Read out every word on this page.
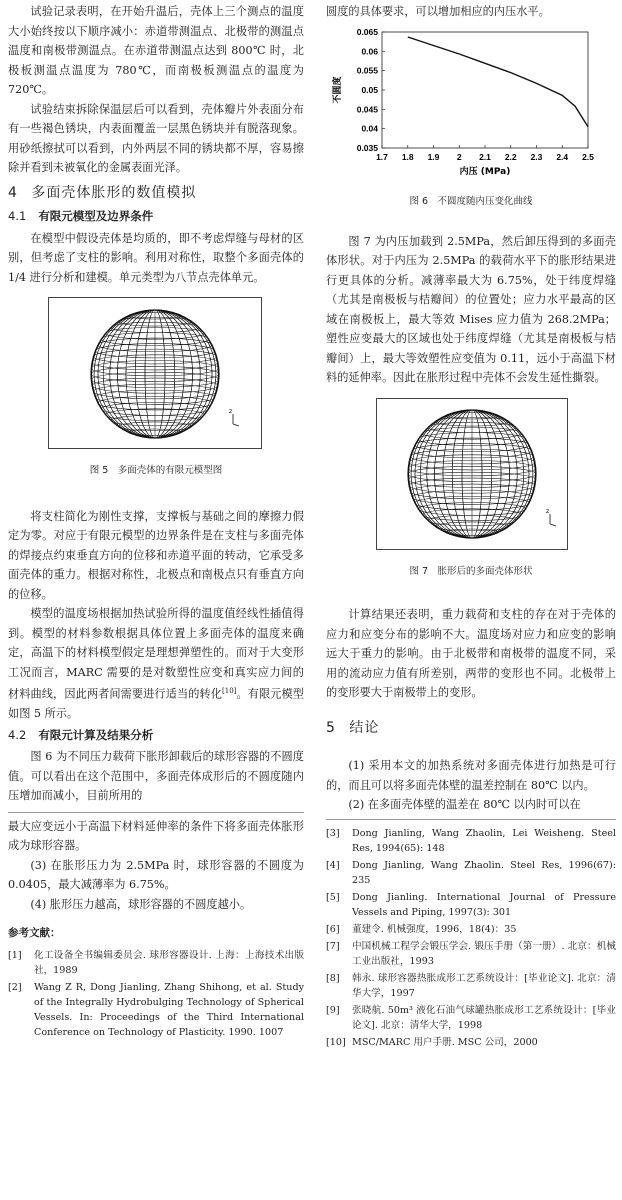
试验记录表明，在开始升温后，壳体上三个测点的温度大小始终按以下顺序减小：赤道带测温点、北极带的测温点温度和南极带测温点。在赤道带测温点达到 800℃ 时，北极板测温点温度为 780℃，而南极板测温点的温度为 720℃。

试验结束拆除保温层后可以看到，壳体瓣片外表面分布有一些褐色锈块，内表面覆盖一层黑色锈块并有脱落现象。用砂纸擦拭可以看到，内外两层不同的锈块都不厚，容易擦除并看到未被氧化的金属表面光泽。

4 多面壳体胀形的数值模拟
4.1 有限元模型及边界条件

在模型中假设壳体是均质的，即不考虑焊缝与母材的区别，但考虑了支柱的影响。利用对称性，取整个多面壳体的 1/4 进行分析和建模。单元类型为八节点壳体单元。

z
图 5　多面壳体的有限元模型图

将支柱简化为刚性支撑，支撑板与基础之间的摩擦力假定为零。对应于有限元模型的边界条件是在支柱与多面壳体的焊接点约束垂直方向的位移和赤道平面的转动，它承受多面壳体的重力。根据对称性，北极点和南极点只有垂直方向的位移。

模型的温度场根据加热试验所得的温度值经线性插值得到。模型的材料参数根据具体位置上多面壳体的温度来确定，高温下的材料模型假定是理想弹塑性的。而对于大变形工况而言，MARC 需要的是对数塑性应变和真实应力间的材料曲线，因此两者间需要进行适当的转化[10]。有限元模型如图 5 所示。

4.2 有限元计算及结果分析

图 6 为不同压力载荷下胀形卸载后的球形容器的不圆度值。可以看出在这个范围中，多面壳体成形后的不圆度随内压增加而减小，目前所用的

最大应变远小于高温下材料延伸率的条件下将多面壳体胀形成为球形容器。

(3) 在胀形压力为 2.5MPa 时，球形容器的不圆度为 0.0405，最大减薄率为 6.75%。

(4) 胀形压力越高，球形容器的不圆度越小。

参考文献：
[1]	化工设备全书编辑委员会. 球形容器设计. 上海：上海技术出版社，1989
[2]	Wang Z R, Dong Jianling, Zhang Shihong, et al. Study of the Integrally Hydrobulging Technology of Spherical Vessels. In: Proceedings of the Third International Conference on Technology of Plasticity. 1990. 1007

圆度的具体要求，可以增加相应的内压水平。

0.035
0.04
0.045
0.05
0.055
0.06
0.065
1.7 1.8 1.9 2 2.1 2.2 2.3 2.4 2.5
内压 (MPa)
不圆度
图 6　不圆度随内压变化曲线

图 7 为内压加载到 2.5MPa，然后卸压得到的多面壳体形状。对于内压为 2.5MPa 的载荷水平下的胀形结果进行更具体的分析。减薄率最大为 6.75%，处于纬度焊缝（尤其是南极板与桔瓣间）的位置处；应力水平最高的区域在南极板上，最大等效 Mises 应力值为 268.2MPa；塑性应变最大的区域也处于纬度焊缝（尤其是南极板与桔瓣间）上，最大等效塑性应变值为 0.11，远小于高温下材料的延伸率。因此在胀形过程中壳体不会发生延性撕裂。

z
图 7　胀形后的多面壳体形状

计算结果还表明，重力载荷和支柱的存在对于壳体的应力和应变分布的影响不大。温度场对应力和应变的影响远大于重力的影响。由于北极带和南极带的温度不同，采用的流动应力值有所差别，两带的变形也不同。北极带上的变形要大于南极带上的变形。

5 结论

(1) 采用本文的加热系统对多面壳体进行加热是可行的，而且可以将多面壳体壁的温差控制在 80℃ 以内。

(2) 在多面壳体壁的温差在 80℃ 以内时可以在

[3]	Dong Jianling, Wang Zhaolin, Lei Weisheng. Steel Res, 1994(65): 148
[4]	Dong Jianling, Wang Zhaolin. Steel Res, 1996(67): 235
[5]	Dong Jianling. International Journal of Pressure Vessels and Piping, 1997(3): 301
[6]	董建令. 机械强度，1996，18(4)：35
[7]	中国机械工程学会锻压学会. 锻压手册（第一册）. 北京：机械工业出版社，1993
[8]	韩永. 球形容器热胀成形工艺系统设计：[毕业论文]. 北京：清华大学，1997
[9]	张晓航. 50m³ 液化石油气球罐热胀成形工艺系统设计：[毕业论文]. 北京：清华大学，1998
[10] MSC/MARC 用户手册. MSC 公司，2000
